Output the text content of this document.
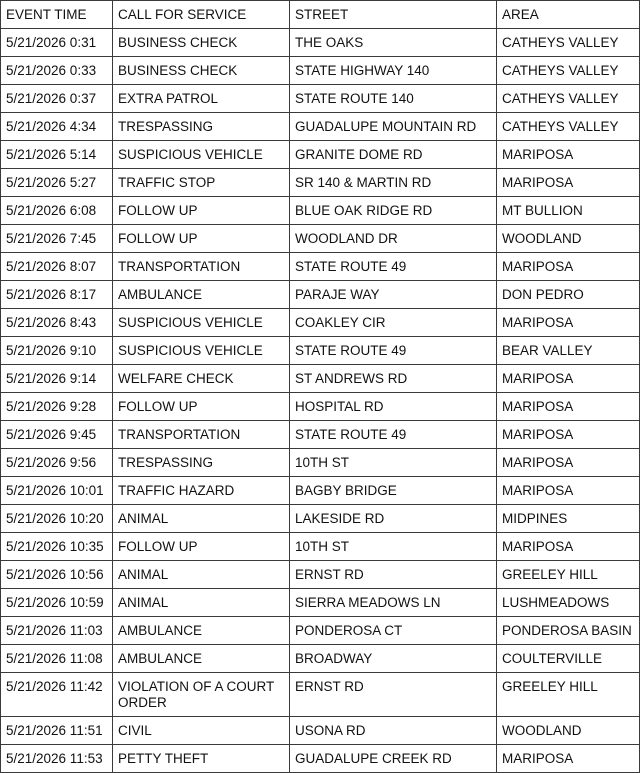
EVENT TIME	CALL FOR SERVICE	STREET	AREA
5/21/2026 0:31	BUSINESS CHECK	THE OAKS	CATHEYS VALLEY
5/21/2026 0:33	BUSINESS CHECK	STATE HIGHWAY 140	CATHEYS VALLEY
5/21/2026 0:37	EXTRA PATROL	STATE ROUTE 140	CATHEYS VALLEY
5/21/2026 4:34	TRESPASSING	GUADALUPE MOUNTAIN RD	CATHEYS VALLEY
5/21/2026 5:14	SUSPICIOUS VEHICLE	GRANITE DOME RD	MARIPOSA
5/21/2026 5:27	TRAFFIC STOP	SR 140 & MARTIN RD	MARIPOSA
5/21/2026 6:08	FOLLOW UP	BLUE OAK RIDGE RD	MT BULLION
5/21/2026 7:45	FOLLOW UP	WOODLAND DR	WOODLAND
5/21/2026 8:07	TRANSPORTATION	STATE ROUTE 49	MARIPOSA
5/21/2026 8:17	AMBULANCE	PARAJE WAY	DON PEDRO
5/21/2026 8:43	SUSPICIOUS VEHICLE	COAKLEY CIR	MARIPOSA
5/21/2026 9:10	SUSPICIOUS VEHICLE	STATE ROUTE 49	BEAR VALLEY
5/21/2026 9:14	WELFARE CHECK	ST ANDREWS RD	MARIPOSA
5/21/2026 9:28	FOLLOW UP	HOSPITAL RD	MARIPOSA
5/21/2026 9:45	TRANSPORTATION	STATE ROUTE 49	MARIPOSA
5/21/2026 9:56	TRESPASSING	10TH ST	MARIPOSA
5/21/2026 10:01	TRAFFIC HAZARD	BAGBY BRIDGE	MARIPOSA
5/21/2026 10:20	ANIMAL	LAKESIDE RD	MIDPINES
5/21/2026 10:35	FOLLOW UP	10TH ST	MARIPOSA
5/21/2026 10:56	ANIMAL	ERNST RD	GREELEY HILL
5/21/2026 10:59	ANIMAL	SIERRA MEADOWS LN	LUSHMEADOWS
5/21/2026 11:03	AMBULANCE	PONDEROSA CT	PONDEROSA BASIN
5/21/2026 11:08	AMBULANCE	BROADWAY	COULTERVILLE
5/21/2026 11:42	VIOLATION OF A COURT ORDER	ERNST RD	GREELEY HILL
5/21/2026 11:51	CIVIL	USONA RD	WOODLAND
5/21/2026 11:53	PETTY THEFT	GUADALUPE CREEK RD	MARIPOSA
